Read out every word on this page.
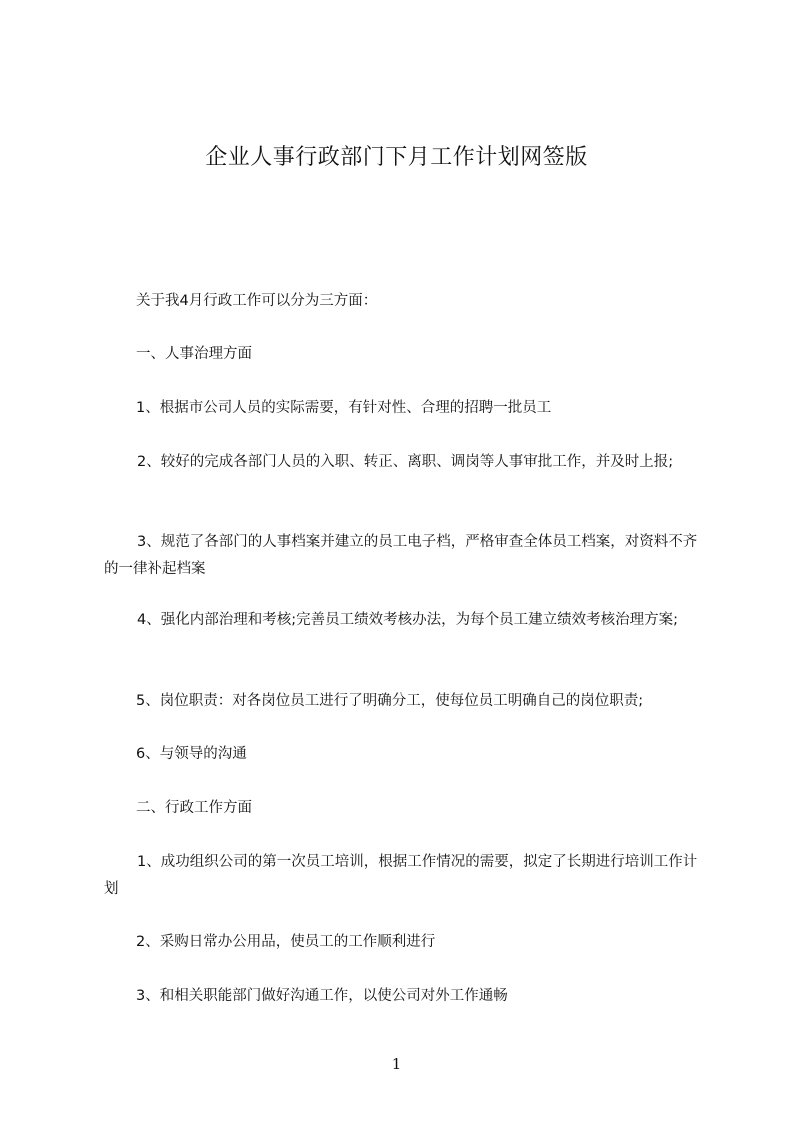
企业人事行政部门下月工作计划网签版

关于我4月行政工作可以分为三方面：

一、人事治理方面

1、根据市公司人员的实际需要，有针对性、合理的招聘一批员工

2、较好的完成各部门人员的入职、转正、离职、调岗等人事审批工作，并及时上报;

3、规范了各部门的人事档案并建立的员工电子档，严格审查全体员工档案，对资料不齐的一律补起档案

4、强化内部治理和考核;完善员工绩效考核办法，为每个员工建立绩效考核治理方案;

5、岗位职责：对各岗位员工进行了明确分工，使每位员工明确自己的岗位职责;

6、与领导的沟通

二、行政工作方面

1、成功组织公司的第一次员工培训，根据工作情况的需要，拟定了长期进行培训工作计划

2、采购日常办公用品，使员工的工作顺利进行

3、和相关职能部门做好沟通工作，以使公司对外工作通畅

1
